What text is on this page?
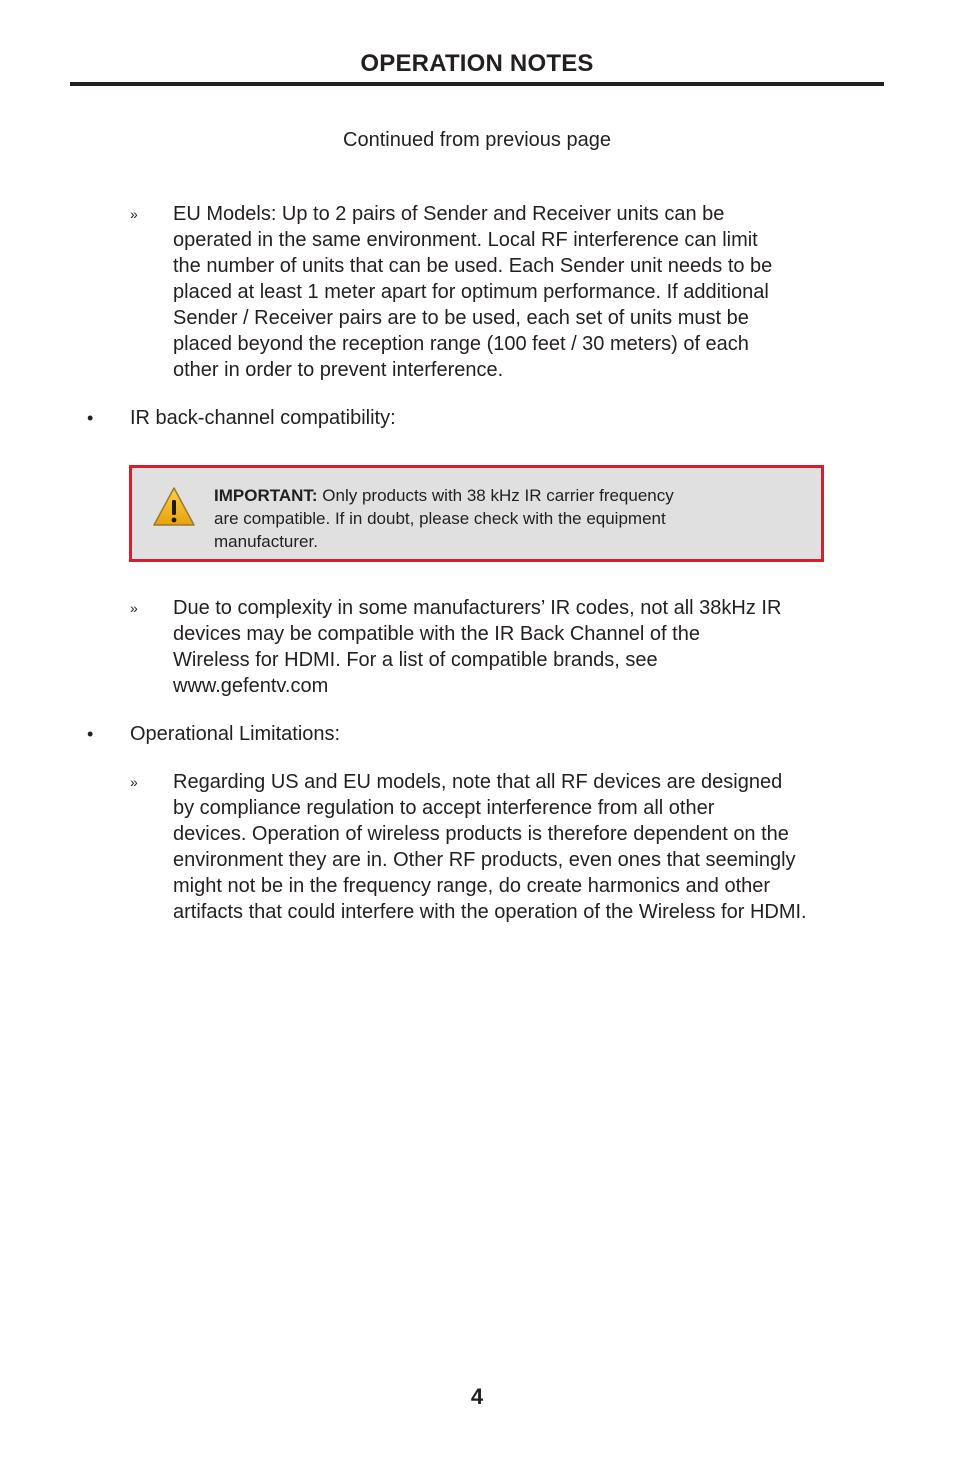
OPERATION NOTES
Continued from previous page
» EU Models: Up to 2 pairs of Sender and Receiver units can be
operated in the same environment. Local RF interference can limit
the number of units that can be used. Each Sender unit needs to be
placed at least 1 meter apart for optimum performance. If additional
Sender / Receiver pairs are to be used, each set of units must be
placed beyond the reception range (100 feet / 30 meters) of each
other in order to prevent interference.
• IR back-channel compatibility:
IMPORTANT: Only products with 38 kHz IR carrier frequency
are compatible. If in doubt, please check with the equipment
manufacturer.
» Due to complexity in some manufacturers’ IR codes, not all 38kHz IR
devices may be compatible with the IR Back Channel of the
Wireless for HDMI. For a list of compatible brands, see
www.gefentv.com
• Operational Limitations:
» Regarding US and EU models, note that all RF devices are designed
by compliance regulation to accept interference from all other
devices. Operation of wireless products is therefore dependent on the
environment they are in. Other RF products, even ones that seemingly
might not be in the frequency range, do create harmonics and other
artifacts that could interfere with the operation of the Wireless for HDMI.
4
